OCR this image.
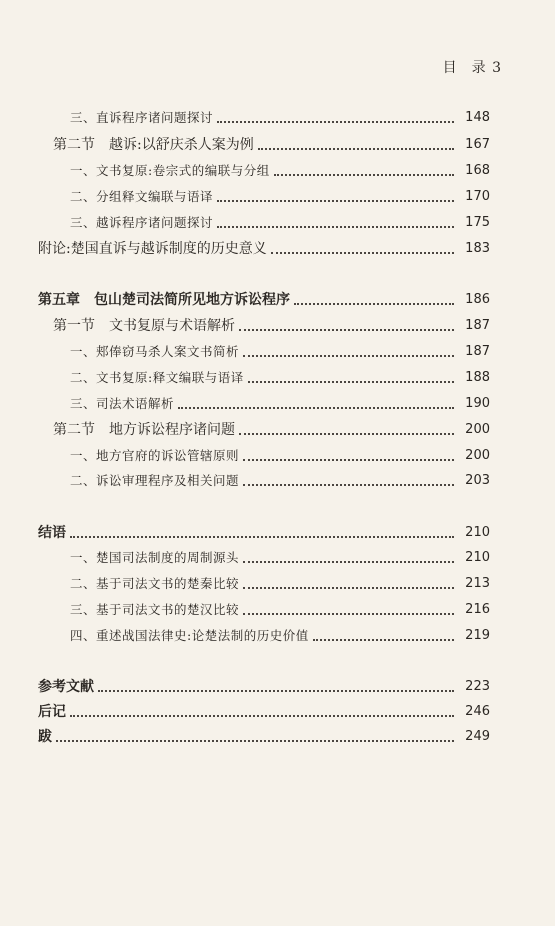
目 录 3
三、直诉程序诸问题探讨	148
第二节　越诉:以舒庆杀人案为例	167
一、文书复原:卷宗式的编联与分组	168
二、分组释文编联与语译	170
三、越诉程序诸问题探讨	175
附论:楚国直诉与越诉制度的历史意义	183
第五章　包山楚司法简所见地方诉讼程序	186
第一节　文书复原与术语解析	187
一、郏俸窃马杀人案文书简析	187
二、文书复原:释文编联与语译	188
三、司法术语解析	190
第二节　地方诉讼程序诸问题	200
一、地方官府的诉讼管辖原则	200
二、诉讼审理程序及相关问题	203
结语	210
一、楚国司法制度的周制源头	210
二、基于司法文书的楚秦比较	213
三、基于司法文书的楚汉比较	216
四、重述战国法律史:论楚法制的历史价值	219
参考文献	223
后记	246
跋	249
